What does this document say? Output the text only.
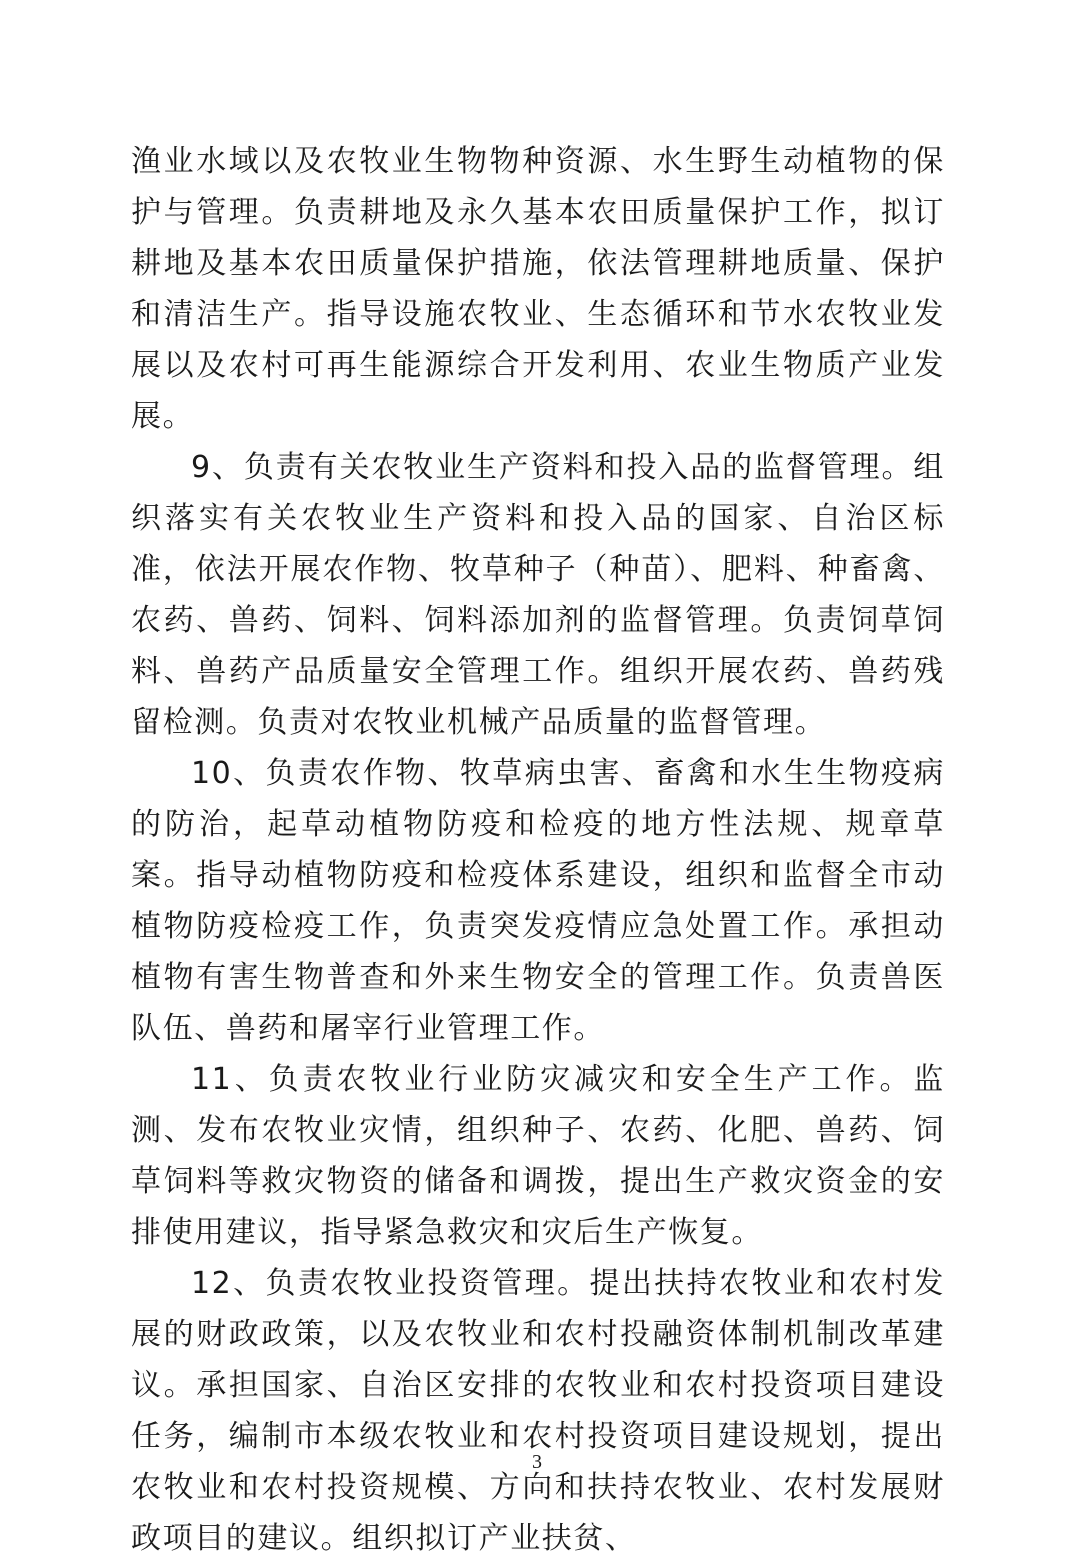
渔业水域以及农牧业生物物种资源、水生野生动植物的保护与管理。负责耕地及永久基本农田质量保护工作，拟订耕地及基本农田质量保护措施，依法管理耕地质量、保护和清洁生产。指导设施农牧业、生态循环和节水农牧业发展以及农村可再生能源综合开发利用、农业生物质产业发展。

9、负责有关农牧业生产资料和投入品的监督管理。组织落实有关农牧业生产资料和投入品的国家、自治区标准，依法开展农作物、牧草种子（种苗）、肥料、种畜禽、农药、兽药、饲料、饲料添加剂的监督管理。负责饲草饲料、兽药产品质量安全管理工作。组织开展农药、兽药残留检测。负责对农牧业机械产品质量的监督管理。

10、负责农作物、牧草病虫害、畜禽和水生生物疫病的防治，起草动植物防疫和检疫的地方性法规、规章草案。指导动植物防疫和检疫体系建设，组织和监督全市动植物防疫检疫工作，负责突发疫情应急处置工作。承担动植物有害生物普查和外来生物安全的管理工作。负责兽医队伍、兽药和屠宰行业管理工作。

11、负责农牧业行业防灾减灾和安全生产工作。监测、发布农牧业灾情，组织种子、农药、化肥、兽药、饲草饲料等救灾物资的储备和调拨，提出生产救灾资金的安排使用建议，指导紧急救灾和灾后生产恢复。

12、负责农牧业投资管理。提出扶持农牧业和农村发展的财政政策，以及农牧业和农村投融资体制机制改革建议。承担国家、自治区安排的农牧业和农村投资项目建设任务，编制市本级农牧业和农村投资项目建设规划，提出农牧业和农村投资规模、方向和扶持农牧业、农村发展财政项目的建议。组织拟订产业扶贫、

3
